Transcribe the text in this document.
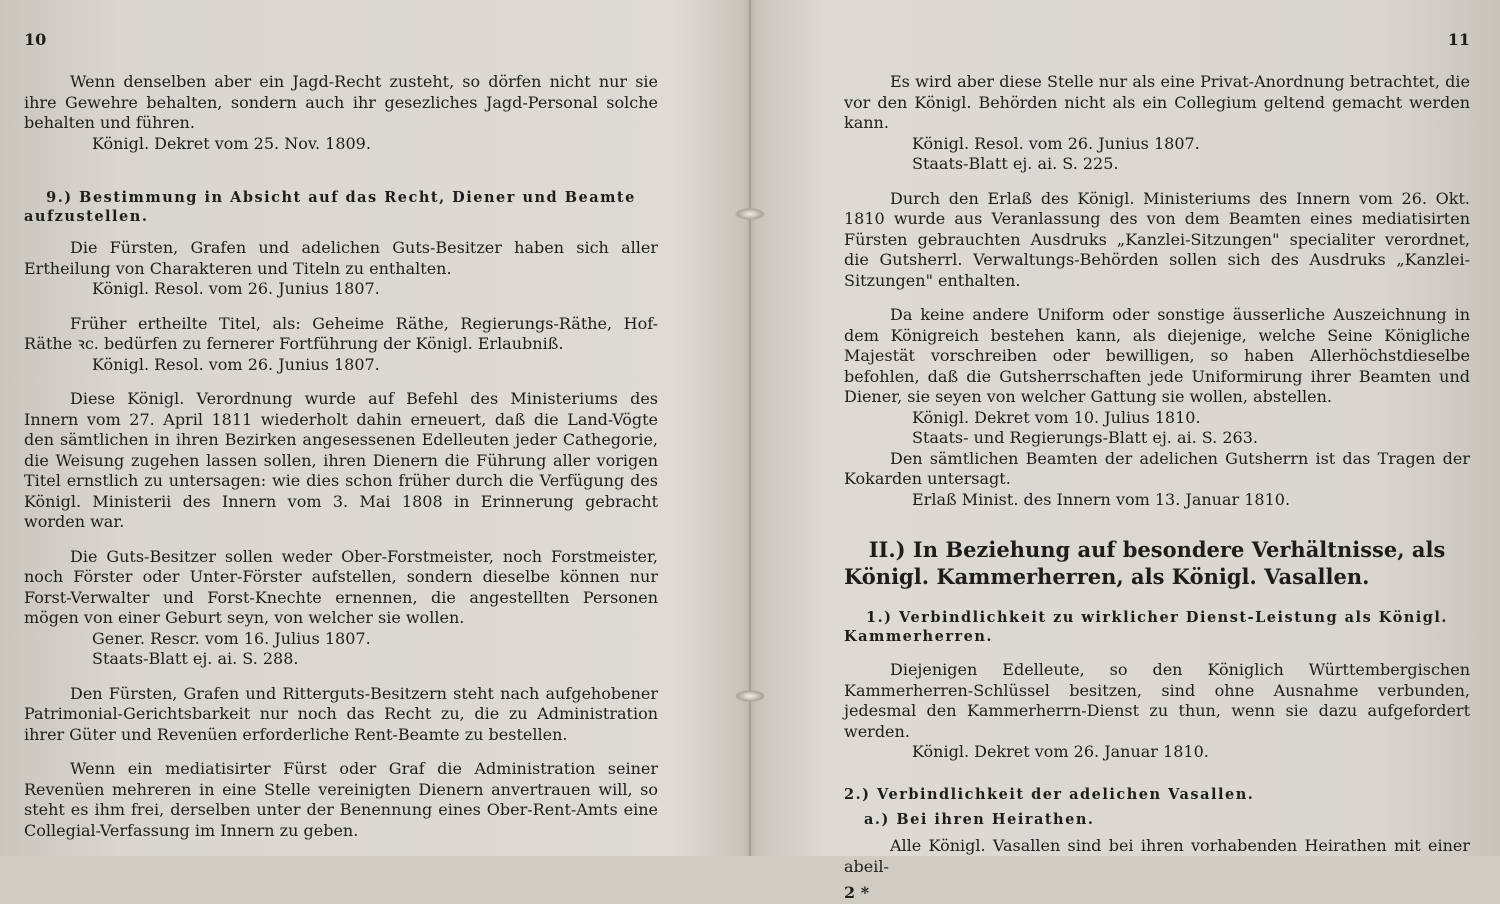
10

Wenn denselben aber ein Jagd-Recht zusteht, so dörfen nicht nur sie ihre Gewehre behalten, sondern auch ihr gesezliches Jagd-Personal solche behalten und führen.

Königl. Dekret vom 25. Nov. 1809.

9.) Bestimmung in Absicht auf das Recht, Diener und Beamte aufzustellen.

Die Fürsten, Grafen und adelichen Guts-Besitzer haben sich aller Ertheilung von Charakteren und Titeln zu enthalten.

Königl. Resol. vom 26. Junius 1807.

Früher ertheilte Titel, als: Geheime Räthe, Regierungs-Räthe, Hof-Räthe ꝛc. bedürfen zu fernerer Fortführung der Königl. Erlaubniß.

Königl. Resol. vom 26. Junius 1807.

Diese Königl. Verordnung wurde auf Befehl des Ministeriums des Innern vom 27. April 1811 wiederholt dahin erneuert, daß die Land-Vögte den sämtlichen in ihren Bezirken angesessenen Edelleuten jeder Cathegorie, die Weisung zugehen lassen sollen, ihren Dienern die Führung aller vorigen Titel ernstlich zu untersagen: wie dies schon früher durch die Verfügung des Königl. Ministerii des Innern vom 3. Mai 1808 in Erinnerung gebracht worden war.

Die Guts-Besitzer sollen weder Ober-Forstmeister, noch Forstmeister, noch Förster oder Unter-Förster aufstellen, sondern dieselbe können nur Forst-Verwalter und Forst-Knechte ernennen, die angestellten Personen mögen von einer Geburt seyn, von welcher sie wollen.

Gener. Rescr. vom 16. Julius 1807.

Staats-Blatt ej. ai. S. 288.

Den Fürsten, Grafen und Ritterguts-Besitzern steht nach aufgehobener Patrimonial-Gerichtsbarkeit nur noch das Recht zu, die zu Administration ihrer Güter und Revenüen erforderliche Rent-Beamte zu bestellen.

Wenn ein mediatisirter Fürst oder Graf die Administration seiner Revenüen mehreren in eine Stelle vereinigten Dienern anvertrauen will, so steht es ihm frei, derselben unter der Benennung eines Ober-Rent-Amts eine Collegial-Verfassung im Innern zu geben.

11

Es wird aber diese Stelle nur als eine Privat-Anordnung betrachtet, die vor den Königl. Behörden nicht als ein Collegium geltend gemacht werden kann.

Königl. Resol. vom 26. Junius 1807.

Staats-Blatt ej. ai. S. 225.

Durch den Erlaß des Königl. Ministeriums des Innern vom 26. Okt. 1810 wurde aus Veranlassung des von dem Beamten eines mediatisirten Fürsten gebrauchten Ausdruks „Kanzlei-Sitzungen" specialiter verordnet, die Gutsherrl. Verwaltungs-Behörden sollen sich des Ausdruks „Kanzlei-Sitzungen" enthalten.

Da keine andere Uniform oder sonstige äusserliche Auszeichnung in dem Königreich bestehen kann, als diejenige, welche Seine Königliche Majestät vorschreiben oder bewilligen, so haben Allerhöchstdieselbe befohlen, daß die Gutsherrschaften jede Uniformirung ihrer Beamten und Diener, sie seyen von welcher Gattung sie wollen, abstellen.

Königl. Dekret vom 10. Julius 1810.

Staats- und Regierungs-Blatt ej. ai. S. 263.

Den sämtlichen Beamten der adelichen Gutsherrn ist das Tragen der Kokarden untersagt.

Erlaß Minist. des Innern vom 13. Januar 1810.

II.) In Beziehung auf besondere Verhältnisse, als Königl. Kammerherren, als Königl. Vasallen.

1.) Verbindlichkeit zu wirklicher Dienst-Leistung als Königl. Kammerherren.

Diejenigen Edelleute, so den Königlich Württembergischen Kammerherren-Schlüssel besitzen, sind ohne Ausnahme verbunden, jedesmal den Kammerherrn-Dienst zu thun, wenn sie dazu aufgefordert werden.

Königl. Dekret vom 26. Januar 1810.

2.) Verbindlichkeit der adelichen Vasallen.

a.) Bei ihren Heirathen.

Alle Königl. Vasallen sind bei ihren vorhabenden Heirathen mit einer abeil-

2 *
